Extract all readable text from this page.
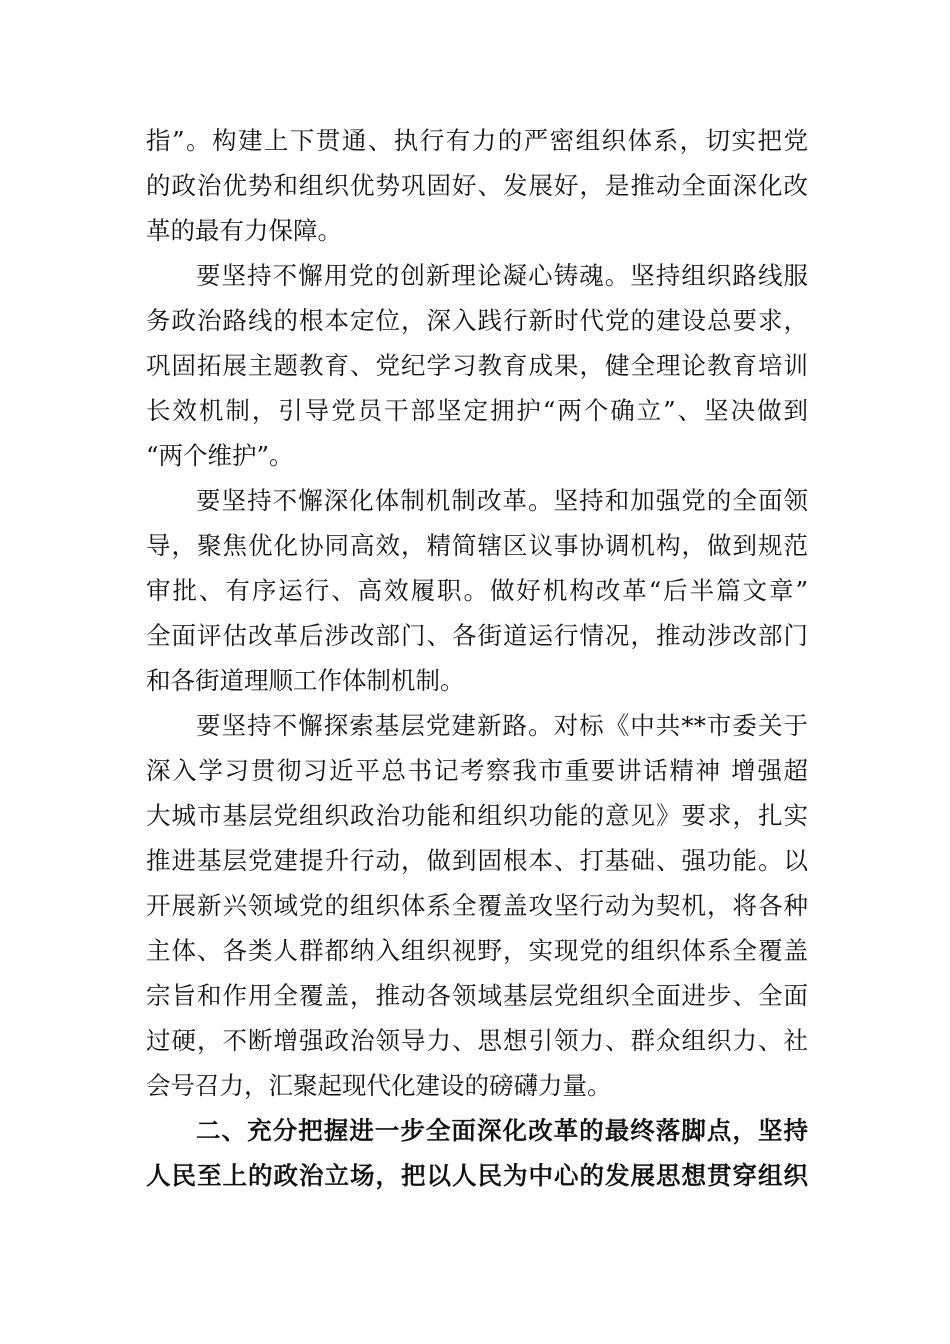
指”。构建上下贯通、执行有力的严密组织体系，切实把党
的政治优势和组织优势巩固好、发展好，是推动全面深化改
革的最有力保障。
要坚持不懈用党的创新理论凝心铸魂。坚持组织路线服
务政治路线的根本定位，深入践行新时代党的建设总要求，
巩固拓展主题教育、党纪学习教育成果，健全理论教育培训
长效机制，引导党员干部坚定拥护“两个确立”、坚决做到
“两个维护”。
要坚持不懈深化体制机制改革。坚持和加强党的全面领
导，聚焦优化协同高效，精简辖区议事协调机构，做到规范
审批、有序运行、高效履职。做好机构改革“后半篇文章”
全面评估改革后涉改部门、各街道运行情况，推动涉改部门
和各街道理顺工作体制机制。
要坚持不懈探索基层党建新路。对标《中共**市委关于
深入学习贯彻习近平总书记考察我市重要讲话精神 增强超
大城市基层党组织政治功能和组织功能的意见》要求，扎实
推进基层党建提升行动，做到固根本、打基础、强功能。以
开展新兴领域党的组织体系全覆盖攻坚行动为契机，将各种
主体、各类人群都纳入组织视野，实现党的组织体系全覆盖
宗旨和作用全覆盖，推动各领域基层党组织全面进步、全面
过硬，不断增强政治领导力、思想引领力、群众组织力、社
会号召力，汇聚起现代化建设的磅礴力量。
二、充分把握进一步全面深化改革的最终落脚点，坚持
人民至上的政治立场，把以人民为中心的发展思想贯穿组织
